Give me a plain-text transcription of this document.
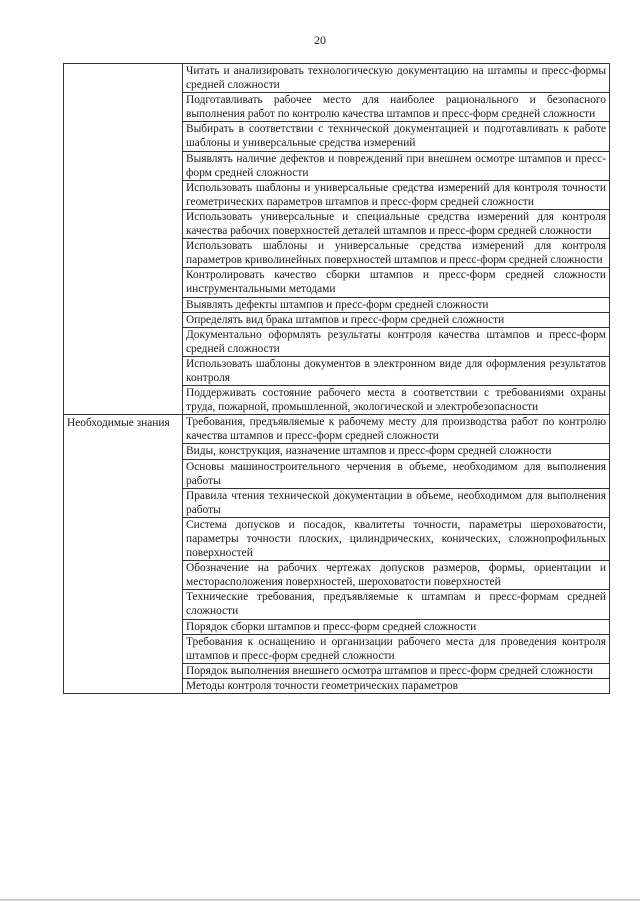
20
	Читать и анализировать технологическую документацию на штампы и пресс-формы средней сложности
	Подготавливать рабочее место для наиболее рационального и безопасного выполнения работ по контролю качества штампов и пресс-форм средней сложности
	Выбирать в соответствии с технической документацией и подготавливать к работе шаблоны и универсальные средства измерений
	Выявлять наличие дефектов и повреждений при внешнем осмотре штампов и пресс-форм средней сложности
	Использовать шаблоны и универсальные средства измерений для контроля точности геометрических параметров штампов и пресс-форм средней сложности
	Использовать универсальные и специальные средства измерений для контроля качества рабочих поверхностей деталей штампов и пресс-форм средней сложности
	Использовать шаблоны и универсальные средства измерений для контроля параметров криволинейных поверхностей штампов и пресс-форм средней сложности
	Контролировать качество сборки штампов и пресс-форм средней сложности инструментальными методами
	Выявлять дефекты штампов и пресс-форм средней сложности
	Определять вид брака штампов и пресс-форм средней сложности
	Документально оформлять результаты контроля качества штампов и пресс-форм средней сложности
	Использовать шаблоны документов в электронном виде для оформления результатов контроля
	Поддерживать состояние рабочего места в соответствии с требованиями охраны труда, пожарной, промышленной, экологической и электробезопасности

Необходимые знания	Требования, предъявляемые к рабочему месту для производства работ по контролю качества штампов и пресс-форм средней сложности
	Виды, конструкция, назначение штампов и пресс-форм средней сложности
	Основы машиностроительного черчения в объеме, необходимом для выполнения работы
	Правила чтения технической документации в объеме, необходимом для выполнения работы
	Система допусков и посадок, квалитеты точности, параметры шероховатости, параметры точности плоских, цилиндрических, конических, сложнопрофильных поверхностей
	Обозначение на рабочих чертежах допусков размеров, формы, ориентации и месторасположения поверхностей, шероховатости поверхностей
	Технические требования, предъявляемые к штампам и пресс-формам средней сложности
	Порядок сборки штампов и пресс-форм средней сложности
	Требования к оснащению и организации рабочего места для проведения контроля штампов и пресс-форм средней сложности
	Порядок выполнения внешнего осмотра штампов и пресс-форм средней сложности
	Методы контроля точности геометрических параметров
